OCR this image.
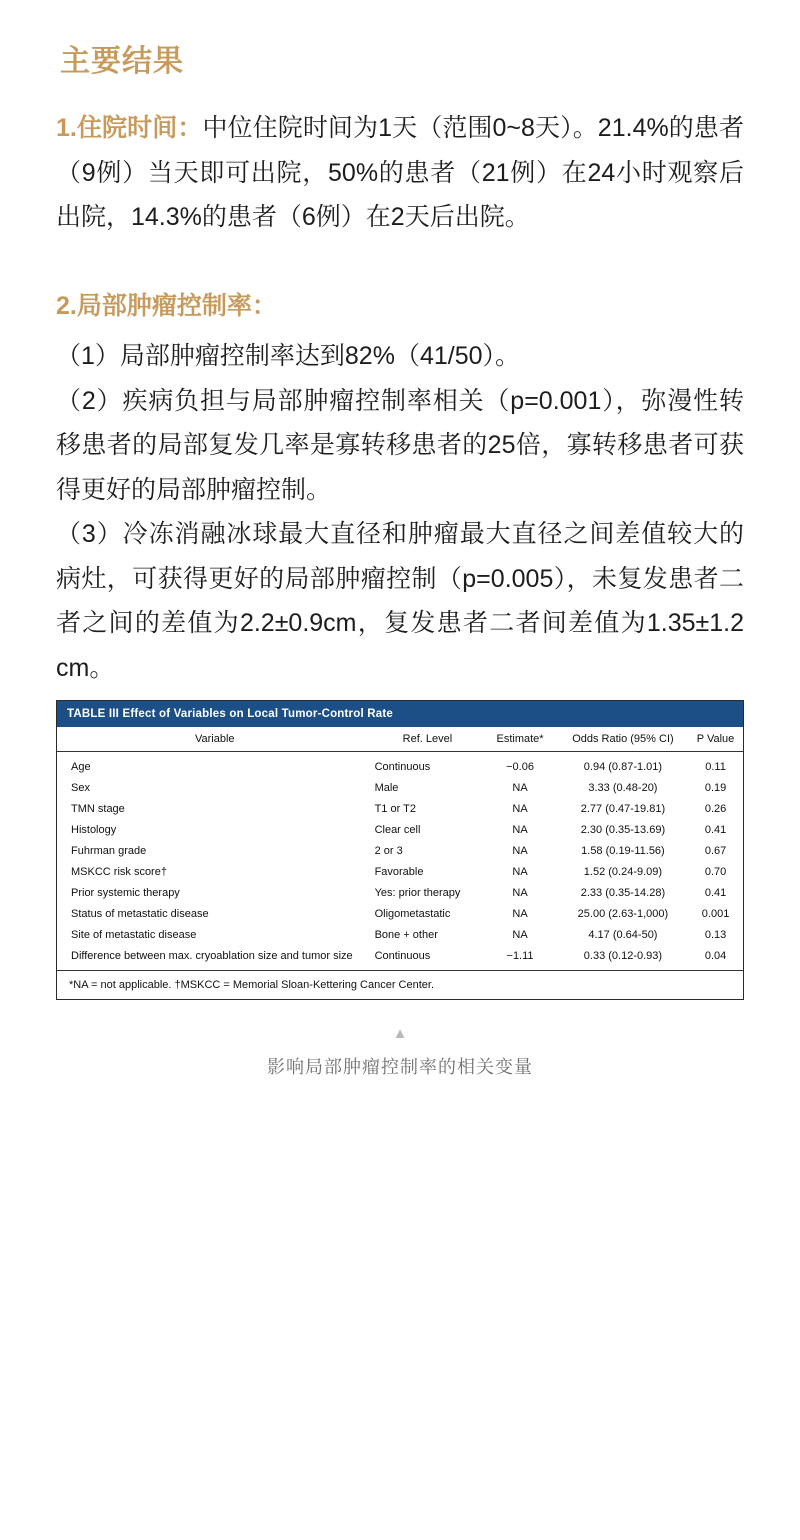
主要结果

1.住院时间：中位住院时间为1天（范围0~8天）。21.4%的患者（9例）当天即可出院，50%的患者（21例）在24小时观察后出院，14.3%的患者（6例）在2天后出院。

2.局部肿瘤控制率：

（1）局部肿瘤控制率达到82%（41/50）。

（2）疾病负担与局部肿瘤控制率相关（p=0.001），弥漫性转移患者的局部复发几率是寡转移患者的25倍，寡转移患者可获得更好的局部肿瘤控制。

（3）冷冻消融冰球最大直径和肿瘤最大直径之间差值较大的病灶，可获得更好的局部肿瘤控制（p=0.005），未复发患者二者之间的差值为2.2±0.9cm，复发患者二者间差值为1.35±1.2 cm。

TABLE III Effect of Variables on Local Tumor-Control Rate
Variable	Ref. Level	Estimate*	Odds Ratio (95% CI)	P Value
Age	Continuous	−0.06	0.94 (0.87-1.01)	0.11
Sex	Male	NA	3.33 (0.48-20)	0.19
TMN stage	T1 or T2	NA	2.77 (0.47-19.81)	0.26
Histology	Clear cell	NA	2.30 (0.35-13.69)	0.41
Fuhrman grade	2 or 3	NA	1.58 (0.19-11.56)	0.67
MSKCC risk score†	Favorable	NA	1.52 (0.24-9.09)	0.70
Prior systemic therapy	Yes: prior therapy	NA	2.33 (0.35-14.28)	0.41
Status of metastatic disease	Oligometastatic	NA	25.00 (2.63-1,000)	0.001
Site of metastatic disease	Bone + other	NA	4.17 (0.64-50)	0.13
Difference between max. cryoablation size and tumor size	Continuous	−1.11	0.33 (0.12-0.93)	0.04
*NA = not applicable. †MSKCC = Memorial Sloan-Kettering Cancer Center.
▲
影响局部肿瘤控制率的相关变量
